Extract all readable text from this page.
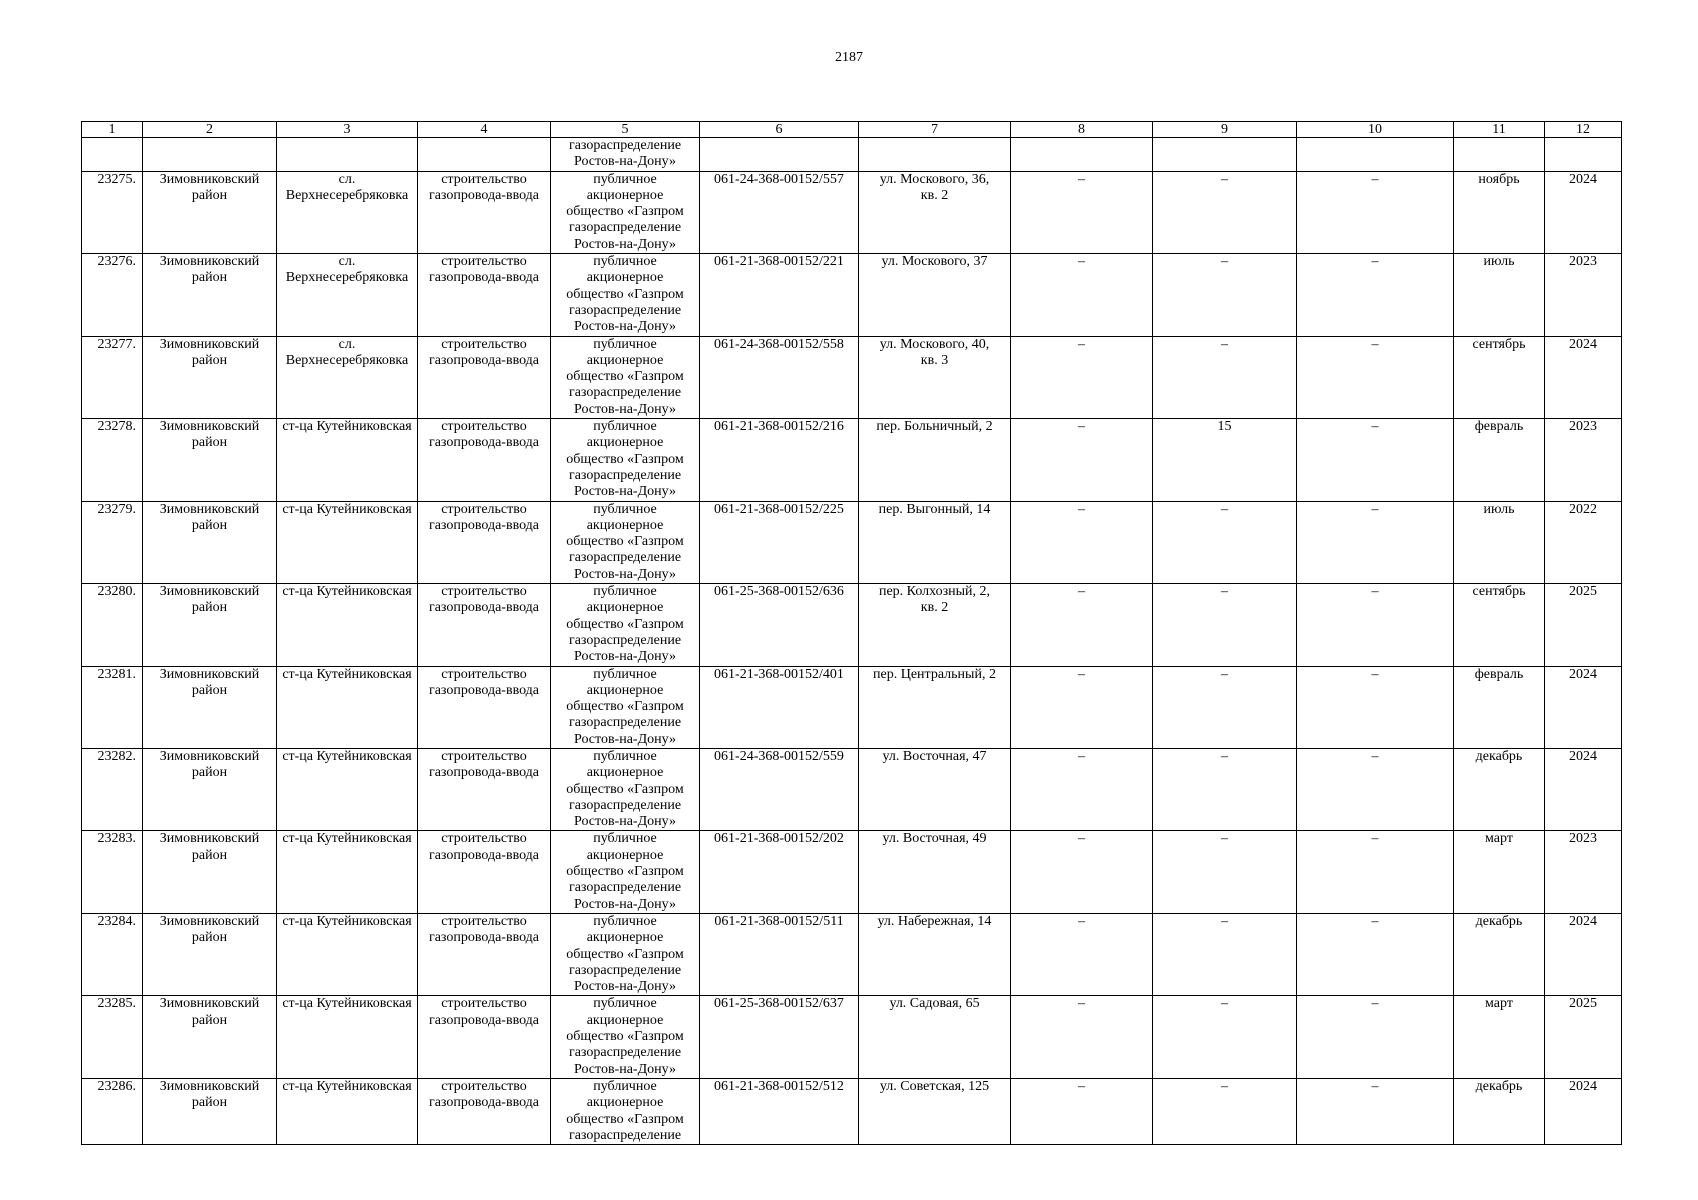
2187
1	2	3	4	5	6	7	8	9	10	11	12
				газораспределение
Ростов-на-Дону»							
23275.	Зимовниковский
район	сл.
Верхнесеребряковка	строительство
газопровода-ввода	публичное
акционерное
общество «Газпром
газораспределение
Ростов-на-Дону»	061-24-368-00152/557	ул. Москового, 36,
кв. 2	–	–	–	ноябрь	2024
23276.	Зимовниковский
район	сл.
Верхнесеребряковка	строительство
газопровода-ввода	публичное
акционерное
общество «Газпром
газораспределение
Ростов-на-Дону»	061-21-368-00152/221	ул. Москового, 37	–	–	–	июль	2023
23277.	Зимовниковский
район	сл.
Верхнесеребряковка	строительство
газопровода-ввода	публичное
акционерное
общество «Газпром
газораспределение
Ростов-на-Дону»	061-24-368-00152/558	ул. Москового, 40,
кв. 3	–	–	–	сентябрь	2024
23278.	Зимовниковский
район	ст-ца Кутейниковская	строительство
газопровода-ввода	публичное
акционерное
общество «Газпром
газораспределение
Ростов-на-Дону»	061-21-368-00152/216	пер. Больничный, 2	–	15	–	февраль	2023
23279.	Зимовниковский
район	ст-ца Кутейниковская	строительство
газопровода-ввода	публичное
акционерное
общество «Газпром
газораспределение
Ростов-на-Дону»	061-21-368-00152/225	пер. Выгонный, 14	–	–	–	июль	2022
23280.	Зимовниковский
район	ст-ца Кутейниковская	строительство
газопровода-ввода	публичное
акционерное
общество «Газпром
газораспределение
Ростов-на-Дону»	061-25-368-00152/636	пер. Колхозный, 2,
кв. 2	–	–	–	сентябрь	2025
23281.	Зимовниковский
район	ст-ца Кутейниковская	строительство
газопровода-ввода	публичное
акционерное
общество «Газпром
газораспределение
Ростов-на-Дону»	061-21-368-00152/401	пер. Центральный, 2	–	–	–	февраль	2024
23282.	Зимовниковский
район	ст-ца Кутейниковская	строительство
газопровода-ввода	публичное
акционерное
общество «Газпром
газораспределение
Ростов-на-Дону»	061-24-368-00152/559	ул. Восточная, 47	–	–	–	декабрь	2024
23283.	Зимовниковский
район	ст-ца Кутейниковская	строительство
газопровода-ввода	публичное
акционерное
общество «Газпром
газораспределение
Ростов-на-Дону»	061-21-368-00152/202	ул. Восточная, 49	–	–	–	март	2023
23284.	Зимовниковский
район	ст-ца Кутейниковская	строительство
газопровода-ввода	публичное
акционерное
общество «Газпром
газораспределение
Ростов-на-Дону»	061-21-368-00152/511	ул. Набережная, 14	–	–	–	декабрь	2024
23285.	Зимовниковский
район	ст-ца Кутейниковская	строительство
газопровода-ввода	публичное
акционерное
общество «Газпром
газораспределение
Ростов-на-Дону»	061-25-368-00152/637	ул. Садовая, 65	–	–	–	март	2025
23286.	Зимовниковский
район	ст-ца Кутейниковская	строительство
газопровода-ввода	публичное
акционерное
общество «Газпром
газораспределение	061-21-368-00152/512	ул. Советская, 125	–	–	–	декабрь	2024
